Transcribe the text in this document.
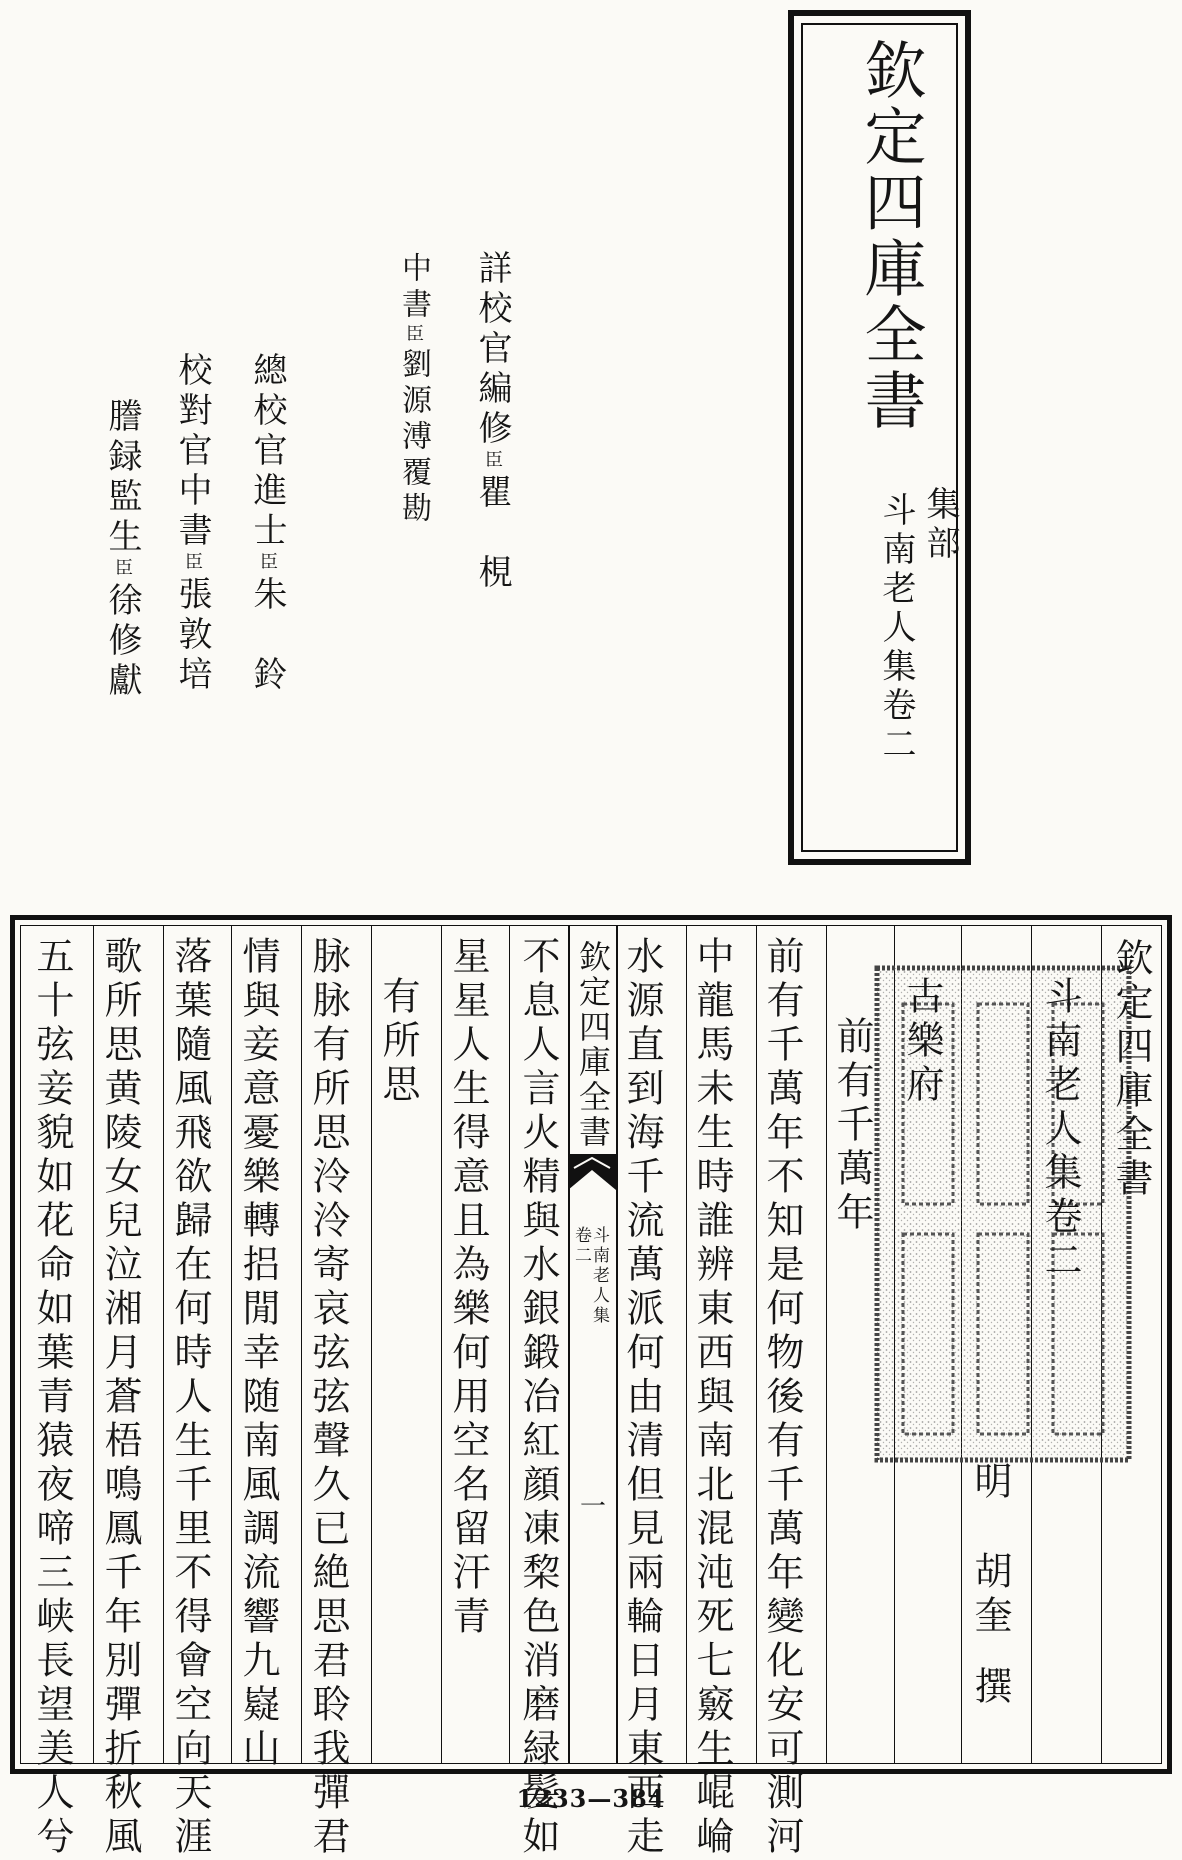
欽定四庫全書
集部
斗南老人集卷二
詳校官編修臣瞿　梘
中書臣劉源溥覆勘
總校官進士臣朱　鈴
校對官中書臣張敦培
謄録監生臣徐修獻
欽定四庫全書
斗南老人集卷二
明
胡奎
撰
古樂府
前有千萬年
前有千萬年不知是何物後有千萬年變化安可測河
中龍馬未生時誰辨東西與南北混沌死七竅生崐崘
水源直到海千流萬派何由清但見兩輪日月東西走
斗南老人集
卷二
一
欽定四庫全書
不息人言火精與水銀鍛冶紅顔凍棃色消磨緑髮如
星星人生得意且為樂何用空名留汗青
有所思
脉脉有所思泠泠寄哀弦弦聲久已絶思君聆我彈君
情與妾意憂樂轉捛閒幸随南風調流響九嶷山
落葉隨風飛欲歸在何時人生千里不得會空向天涯
歌所思黄陵女兒泣湘月蒼梧鳴鳳千年別彈折秋風
五十弦妾貌如花命如葉青猿夜啼三峡長望美人兮	1233—384
